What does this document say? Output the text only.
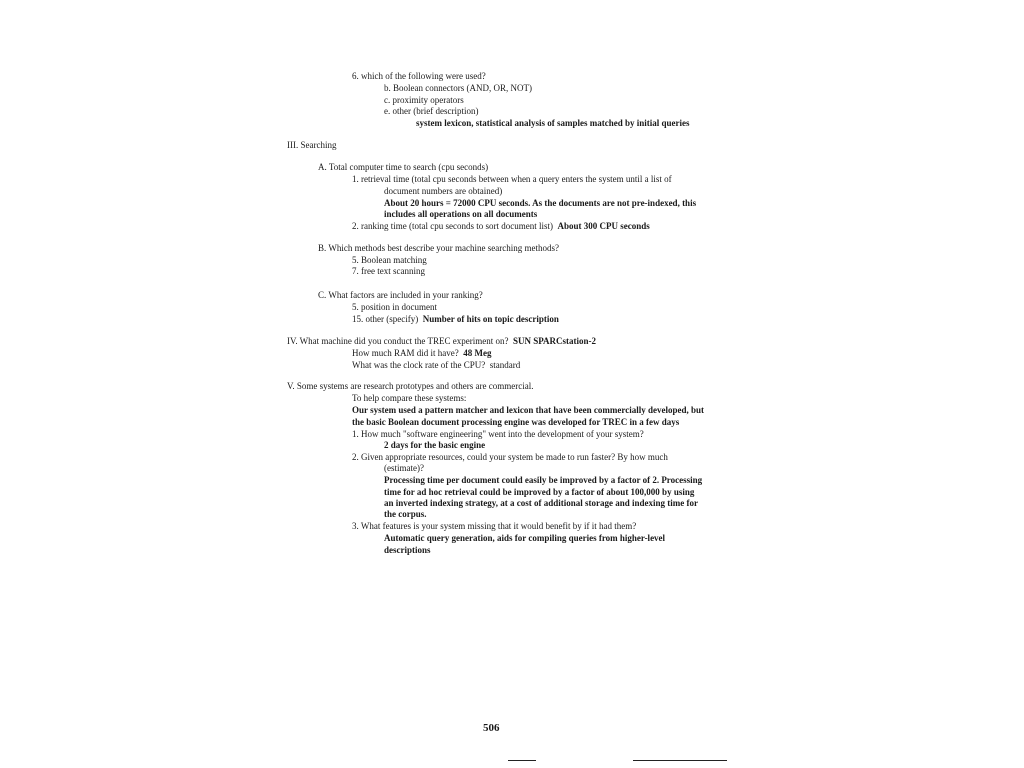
6. which of the following were used?
b. Boolean connectors (AND, OR, NOT)
c. proximity operators
e. other (brief description)
system lexicon, statistical analysis of samples matched by initial queries
III. Searching
A. Total computer time to search (cpu seconds)
1. retrieval time (total cpu seconds between when a query enters the system until a list of
document numbers are obtained)
About 20 hours = 72000 CPU seconds. As the documents are not pre-indexed, this
includes all operations on all documents
2. ranking time (total cpu seconds to sort document list) About 300 CPU seconds
B. Which methods best describe your machine searching methods?
5. Boolean matching
7. free text scanning
C. What factors are included in your ranking?
5. position in document
15. other (specify) Number of hits on topic description
IV. What machine did you conduct the TREC experiment on? SUN SPARCstation-2
How much RAM did it have? 48 Meg
What was the clock rate of the CPU? standard
V. Some systems are research prototypes and others are commercial.
To help compare these systems:
Our system used a pattern matcher and lexicon that have been commercially developed, but
the basic Boolean document processing engine was developed for TREC in a few days
1. How much "software engineering" went into the development of your system?
2 days for the basic engine
2. Given appropriate resources, could your system be made to run faster? By how much
(estimate)?
Processing time per document could easily be improved by a factor of 2. Processing
time for ad hoc retrieval could be improved by a factor of about 100,000 by using
an inverted indexing strategy, at a cost of additional storage and indexing time for
the corpus.
3. What features is your system missing that it would benefit by if it had them?
Automatic query generation, aids for compiling queries from higher-level
descriptions
506
